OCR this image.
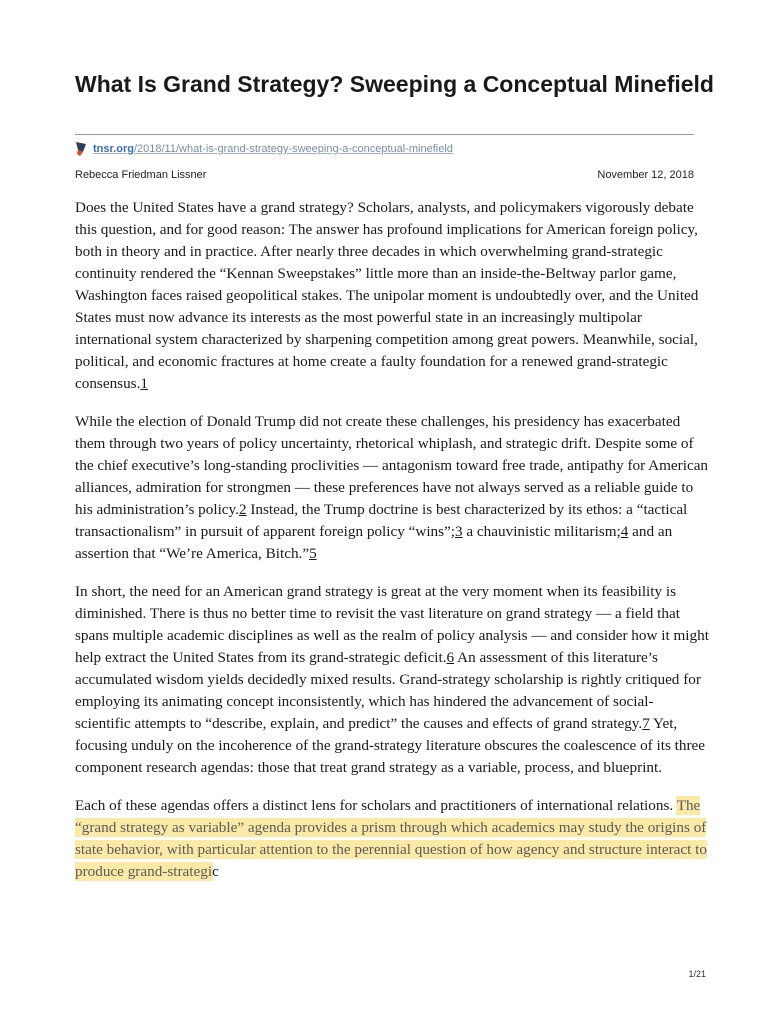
What Is Grand Strategy? Sweeping a Conceptual Minefield
tnsr.org/2018/11/what-is-grand-strategy-sweeping-a-conceptual-minefield
Rebecca Friedman Lissner	November 12, 2018

Does the United States have a grand strategy? Scholars, analysts, and policymakers vigorously debate this question, and for good reason: The answer has profound implications for American foreign policy, both in theory and in practice. After nearly three decades in which overwhelming grand-strategic continuity rendered the “Kennan Sweepstakes” little more than an inside-the-Beltway parlor game, Washington faces raised geopolitical stakes. The unipolar moment is undoubtedly over, and the United States must now advance its interests as the most powerful state in an increasingly multipolar international system characterized by sharpening competition among great powers. Meanwhile, social, political, and economic fractures at home create a faulty foundation for a renewed grand-strategic consensus.1

While the election of Donald Trump did not create these challenges, his presidency has exacerbated them through two years of policy uncertainty, rhetorical whiplash, and strategic drift. Despite some of the chief executive’s long-standing proclivities — antagonism toward free trade, antipathy for American alliances, admiration for strongmen — these preferences have not always served as a reliable guide to his administration’s policy.2 Instead, the Trump doctrine is best characterized by its ethos: a “tactical transactionalism” in pursuit of apparent foreign policy “wins”;3 a chauvinistic militarism;4 and an assertion that “We’re America, Bitch.”5

In short, the need for an American grand strategy is great at the very moment when its feasibility is diminished. There is thus no better time to revisit the vast literature on grand strategy — a field that spans multiple academic disciplines as well as the realm of policy analysis — and consider how it might help extract the United States from its grand-strategic deficit.6 An assessment of this literature’s accumulated wisdom yields decidedly mixed results. Grand-strategy scholarship is rightly critiqued for employing its animating concept inconsistently, which has hindered the advancement of social-scientific attempts to “describe, explain, and predict” the causes and effects of grand strategy.7 Yet, focusing unduly on the incoherence of the grand-strategy literature obscures the coalescence of its three component research agendas: those that treat grand strategy as a variable, process, and blueprint.

Each of these agendas offers a distinct lens for scholars and practitioners of international relations. The “grand strategy as variable” agenda provides a prism through which academics may study the origins of state behavior, with particular attention to the perennial question of how agency and structure interact to produce grand-strategic

1/21
